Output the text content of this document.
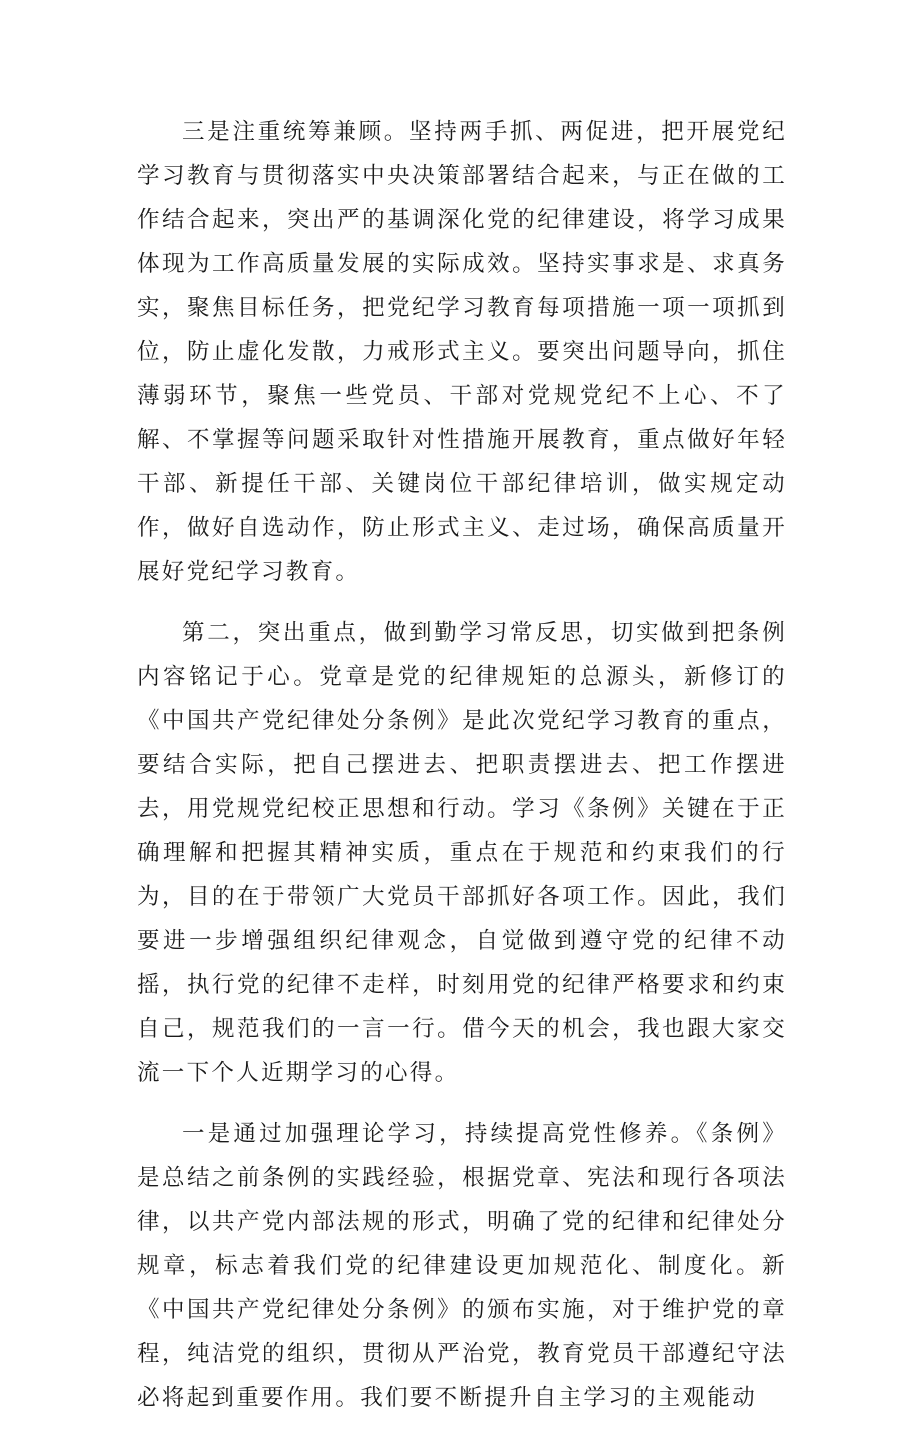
三是注重统筹兼顾。坚持两手抓、两促进，把开展党纪学习教育与贯彻落实中央决策部署结合起来，与正在做的工作结合起来，突出严的基调深化党的纪律建设，将学习成果体现为工作高质量发展的实际成效。坚持实事求是、求真务实，聚焦目标任务，把党纪学习教育每项措施一项一项抓到位，防止虚化发散，力戒形式主义。要突出问题导向，抓住薄弱环节，聚焦一些党员、干部对党规党纪不上心、不了解、不掌握等问题采取针对性措施开展教育，重点做好年轻干部、新提任干部、关键岗位干部纪律培训，做实规定动作，做好自选动作，防止形式主义、走过场，确保高质量开展好党纪学习教育。

第二，突出重点，做到勤学习常反思，切实做到把条例内容铭记于心。党章是党的纪律规矩的总源头，新修订的《中国共产党纪律处分条例》是此次党纪学习教育的重点，要结合实际，把自己摆进去、把职责摆进去、把工作摆进去，用党规党纪校正思想和行动。学习《条例》关键在于正确理解和把握其精神实质，重点在于规范和约束我们的行为，目的在于带领广大党员干部抓好各项工作。因此，我们要进一步增强组织纪律观念，自觉做到遵守党的纪律不动摇，执行党的纪律不走样，时刻用党的纪律严格要求和约束自己，规范我们的一言一行。借今天的机会，我也跟大家交流一下个人近期学习的心得。

一是通过加强理论学习，持续提高党性修养。《条例》是总结之前条例的实践经验，根据党章、宪法和现行各项法律，以共产党内部法规的形式，明确了党的纪律和纪律处分规章，标志着我们党的纪律建设更加规范化、制度化。新《中国共产党纪律处分条例》的颁布实施，对于维护党的章程，纯洁党的组织，贯彻从严治党，教育党员干部遵纪守法必将起到重要作用。我们要不断提升自主学习的主观能动
